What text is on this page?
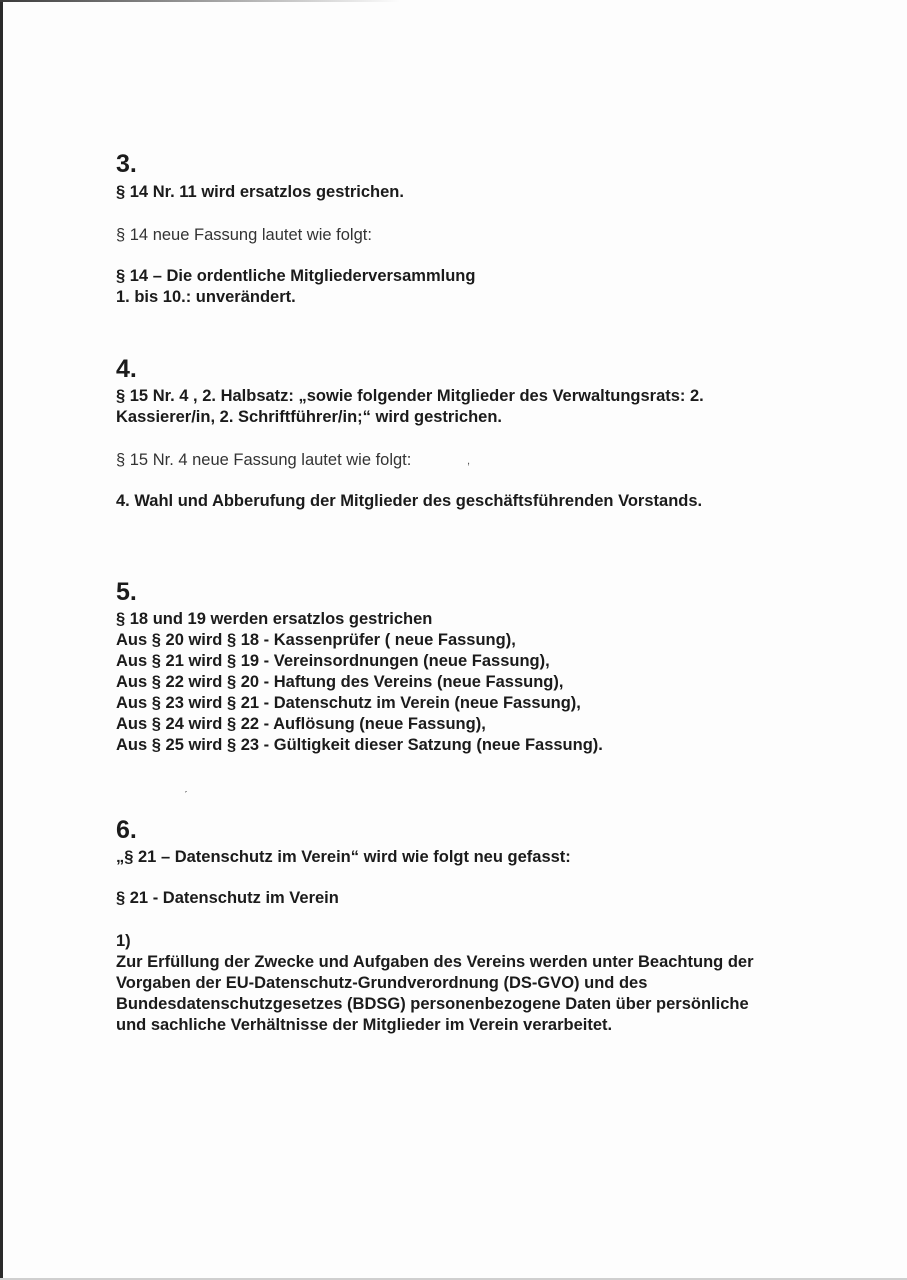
,
ˊ

3.

§ 14 Nr. 11 wird ersatzlos gestrichen.

§ 14 neue Fassung lautet wie folgt:

§ 14 – Die ordentliche Mitgliederversammlung

1. bis 10.: unverändert.

4.

§ 15 Nr. 4 , 2. Halbsatz: „sowie folgender Mitglieder des Verwaltungsrats: 2.

Kassierer/in, 2. Schriftführer/in;“ wird gestrichen.

§ 15 Nr. 4 neue Fassung lautet wie folgt:

4. Wahl und Abberufung der Mitglieder des geschäftsführenden Vorstands.

5.

§ 18 und 19 werden ersatzlos gestrichen

Aus § 20 wird § 18 - Kassenprüfer ( neue Fassung),

Aus § 21 wird § 19 - Vereinsordnungen (neue Fassung),

Aus § 22 wird § 20 - Haftung des Vereins (neue Fassung),

Aus § 23 wird § 21 - Datenschutz im Verein (neue Fassung),

Aus § 24 wird § 22 - Auflösung (neue Fassung),

Aus § 25 wird § 23 - Gültigkeit dieser Satzung (neue Fassung).

6.

„§ 21 – Datenschutz im Verein“ wird wie folgt neu gefasst:

§ 21 - Datenschutz im Verein

1)

Zur Erfüllung der Zwecke und Aufgaben des Vereins werden unter Beachtung der

Vorgaben der EU-Datenschutz-Grundverordnung (DS-GVO) und des

Bundesdatenschutzgesetzes (BDSG) personenbezogene Daten über persönliche

und sachliche Verhältnisse der Mitglieder im Verein verarbeitet.
